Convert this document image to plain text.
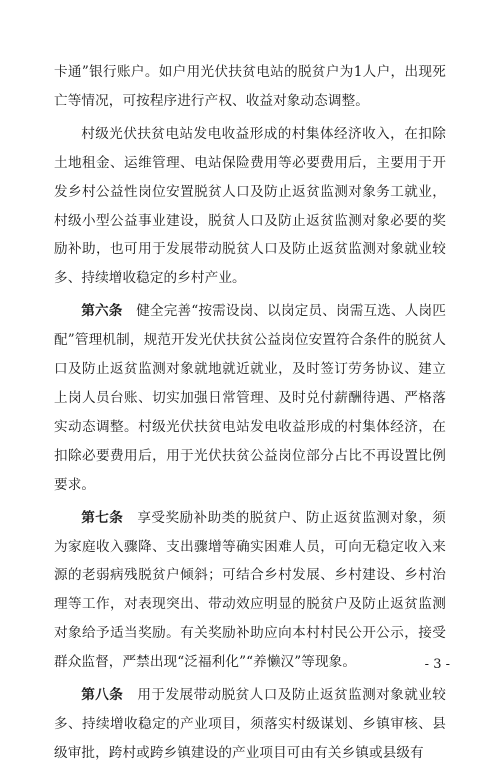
卡通”银行账户。如户用光伏扶贫电站的脱贫户为1人户，出现死亡等情况，可按程序进行产权、收益对象动态调整。

村级光伏扶贫电站发电收益形成的村集体经济收入，在扣除土地租金、运维管理、电站保险费用等必要费用后，主要用于开发乡村公益性岗位安置脱贫人口及防止返贫监测对象务工就业，村级小型公益事业建设，脱贫人口及防止返贫监测对象必要的奖励补助，也可用于发展带动脱贫人口及防止返贫监测对象就业较多、持续增收稳定的乡村产业。

第六条　 健全完善“按需设岗、以岗定员、岗需互选、人岗匹配”管理机制，规范开发光伏扶贫公益岗位安置符合条件的脱贫人口及防止返贫监测对象就地就近就业，及时签订劳务协议、建立上岗人员台账、切实加强日常管理、及时兑付薪酬待遇、严格落实动态调整。村级光伏扶贫电站发电收益形成的村集体经济，在扣除必要费用后，用于光伏扶贫公益岗位部分占比不再设置比例要求。

第七条　 享受奖励补助类的脱贫户、防止返贫监测对象，须为家庭收入骤降、支出骤增等确实困难人员，可向无稳定收入来源的老弱病残脱贫户倾斜；可结合乡村发展、乡村建设、乡村治理等工作，对表现突出、带动效应明显的脱贫户及防止返贫监测对象给予适当奖励。有关奖励补助应向本村村民公开公示，接受群众监督，严禁出现“泛福利化”“养懒汉”等现象。

第八条　 用于发展带动脱贫人口及防止返贫监测对象就业较多、持续增收稳定的产业项目，须落实村级谋划、乡镇审核、县级审批，跨村或跨乡镇建设的产业项目可由有关乡镇或县级有

- 3 -
